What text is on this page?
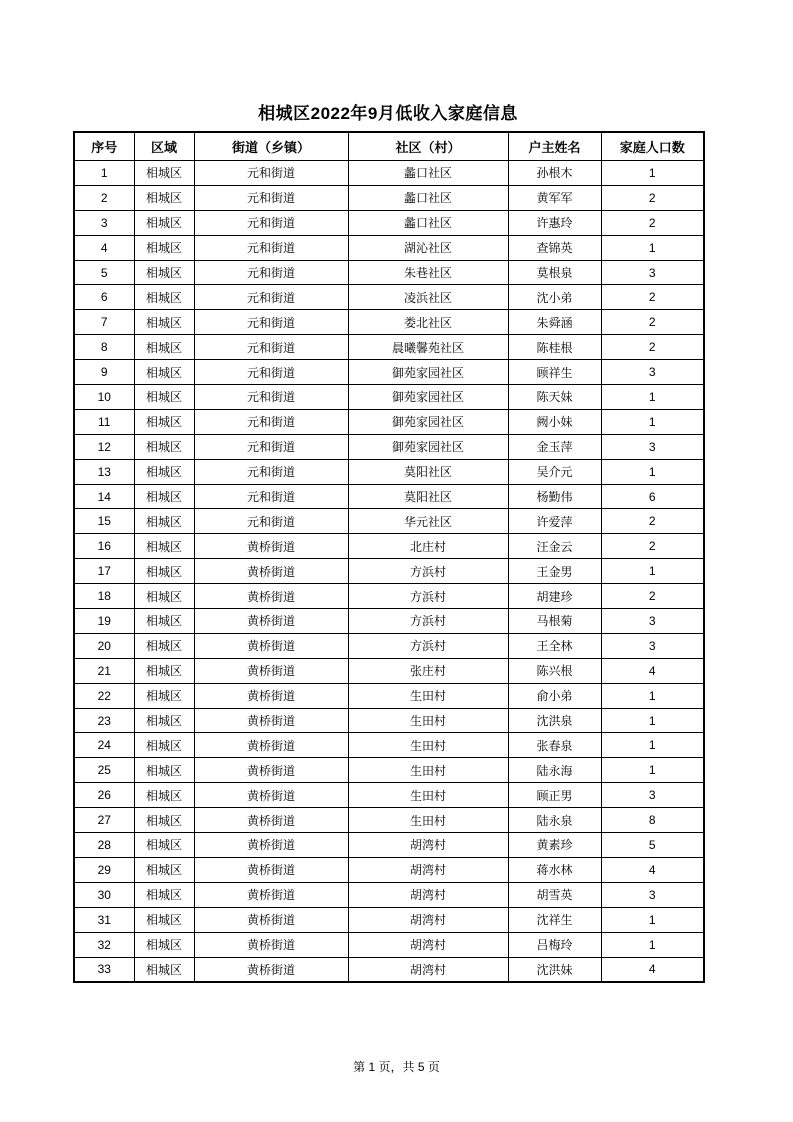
相城区2022年9月低收入家庭信息
序号	区域	街道（乡镇）	社区（村）	户主姓名	家庭人口数
1	相城区	元和街道	蠡口社区	孙根木	1
2	相城区	元和街道	蠡口社区	黄军军	2
3	相城区	元和街道	蠡口社区	许惠玲	2
4	相城区	元和街道	湖沁社区	查锦英	1
5	相城区	元和街道	朱巷社区	莫根泉	3
6	相城区	元和街道	凌浜社区	沈小弟	2
7	相城区	元和街道	娄北社区	朱舜涵	2
8	相城区	元和街道	晨曦馨苑社区	陈桂根	2
9	相城区	元和街道	御苑家园社区	顾祥生	3
10	相城区	元和街道	御苑家园社区	陈天妹	1
11	相城区	元和街道	御苑家园社区	阙小妹	1
12	相城区	元和街道	御苑家园社区	金玉萍	3
13	相城区	元和街道	莫阳社区	吴介元	1
14	相城区	元和街道	莫阳社区	杨勤伟	6
15	相城区	元和街道	华元社区	许爱萍	2
16	相城区	黄桥街道	北庄村	汪金云	2
17	相城区	黄桥街道	方浜村	王金男	1
18	相城区	黄桥街道	方浜村	胡建珍	2
19	相城区	黄桥街道	方浜村	马根菊	3
20	相城区	黄桥街道	方浜村	王全林	3
21	相城区	黄桥街道	张庄村	陈兴根	4
22	相城区	黄桥街道	生田村	俞小弟	1
23	相城区	黄桥街道	生田村	沈洪泉	1
24	相城区	黄桥街道	生田村	张春泉	1
25	相城区	黄桥街道	生田村	陆永海	1
26	相城区	黄桥街道	生田村	顾正男	3
27	相城区	黄桥街道	生田村	陆永泉	8
28	相城区	黄桥街道	胡湾村	黄素珍	5
29	相城区	黄桥街道	胡湾村	蒋水林	4
30	相城区	黄桥街道	胡湾村	胡雪英	3
31	相城区	黄桥街道	胡湾村	沈祥生	1
32	相城区	黄桥街道	胡湾村	吕梅玲	1
33	相城区	黄桥街道	胡湾村	沈洪妹	4
第 1 页，共 5 页
